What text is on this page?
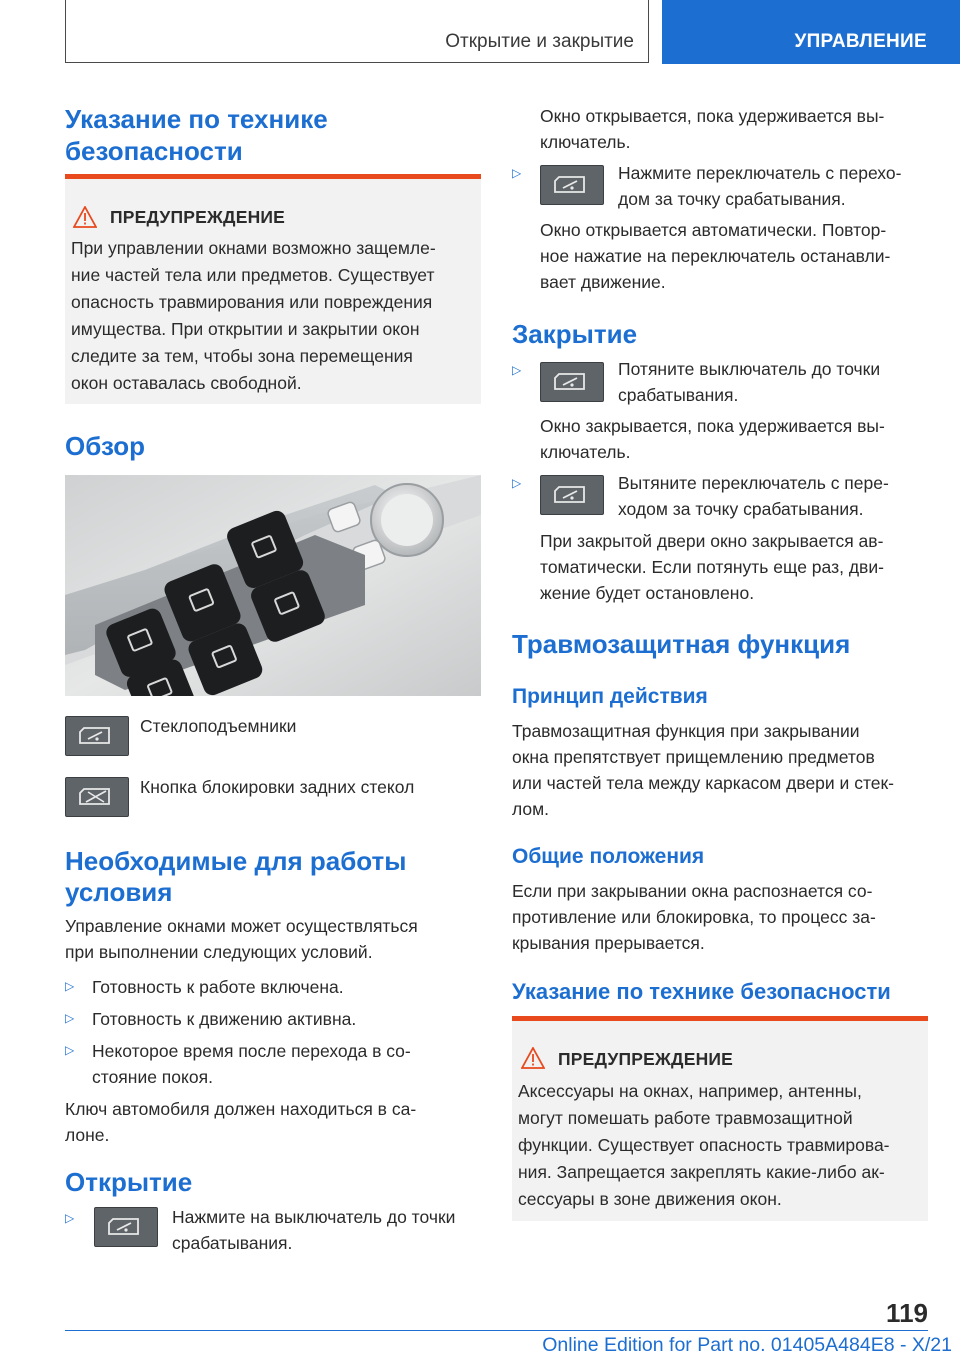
Открытие и закрытие	УПРАВЛЕНИЕ
Указание по технике безопасности
ПРЕДУПРЕЖДЕНИЕ
При управлении окнами возможно защемле-
ние частей тела или предметов. Существует
опасность травмирования или повреждения
имущества. При открытии и закрытии окон
следите за тем, чтобы зона перемещения
окон оставалась свободной.
Обзор
Стеклоподъемники
Кнопка блокировки задних стекол
Необходимые для работы
условия
Управление окнами может осуществляться
при выполнении следующих условий.
▷ Готовность к работе включена.
▷ Готовность к движению активна.
▷ Некоторое время после перехода в со-
стояние покоя.
Ключ автомобиля должен находиться в са-
лоне.
Открытие
▷	Нажмите на выключатель до точки
срабатывания.
Окно открывается, пока удерживается вы-
ключатель.
▷	Нажмите переключатель с перехо-
дом за точку срабатывания.
Окно открывается автоматически. Повтор-
ное нажатие на переключатель останавли-
вает движение.
Закрытие
▷	Потяните выключатель до точки
срабатывания.
Окно закрывается, пока удерживается вы-
ключатель.
▷	Вытяните переключатель с пере-
ходом за точку срабатывания.
При закрытой двери окно закрывается ав-
томатически. Если потянуть еще раз, дви-
жение будет остановлено.
Травмозащитная функция
Принцип действия
Травмозащитная функция при закрывании
окна препятствует прищемлению предметов
или частей тела между каркасом двери и стек-
лом.
Общие положения
Если при закрывании окна распознается со-
противление или блокировка, то процесс за-
крывания прерывается.
Указание по технике безопасности
ПРЕДУПРЕЖДЕНИЕ
Аксессуары на окнах, например, антенны,
могут помешать работе травмозащитной
функции. Существует опасность травмирова-
ния. Запрещается закреплять какие-либо ак-
сессуары в зоне движения окон.
119
Online Edition for Part no. 01405A484E8 - X/21
